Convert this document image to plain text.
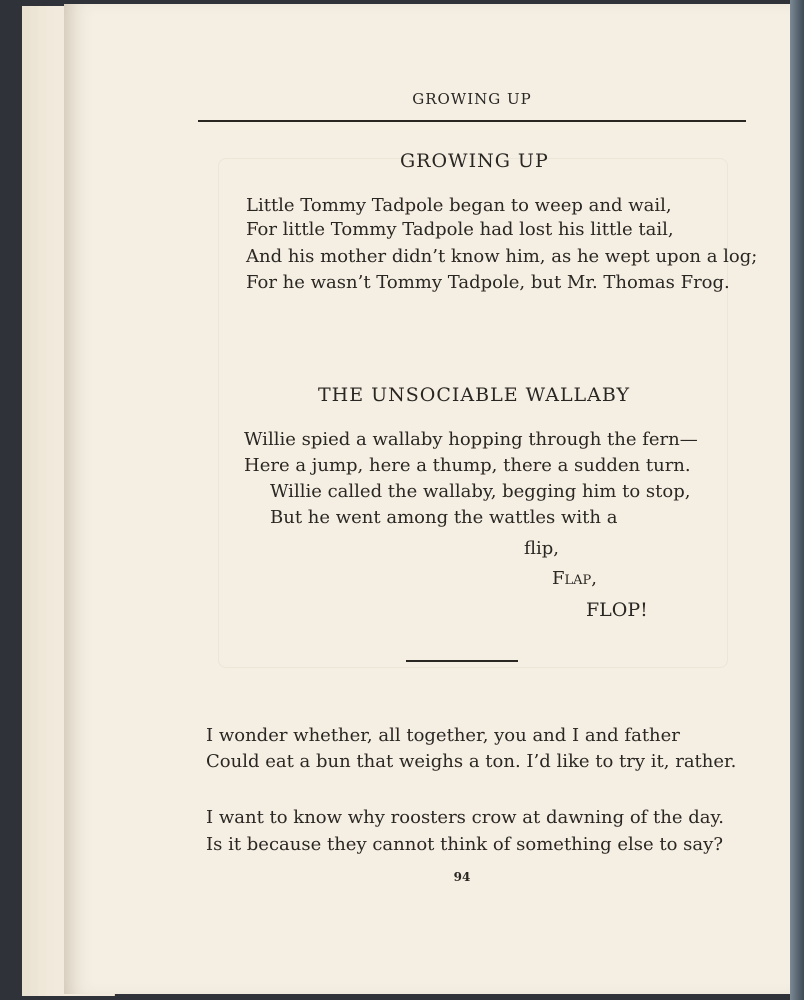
GROWING UP
GROWING UP
Little Tommy Tadpole began to weep and wail,
For little Tommy Tadpole had lost his little tail,
And his mother didn’t know him, as he wept upon a log;
For he wasn’t Tommy Tadpole, but Mr. Thomas Frog.
THE UNSOCIABLE WALLABY
Willie spied a wallaby hopping through the fern—
Here a jump, here a thump, there a sudden turn.
Willie called the wallaby, begging him to stop,
But he went among the wattles with a
flip,
Flap,
FLOP!
I wonder whether, all together, you and I and father
Could eat a bun that weighs a ton. I’d like to try it, rather.
I want to know why roosters crow at dawning of the day.
Is it because they cannot think of something else to say?
94
